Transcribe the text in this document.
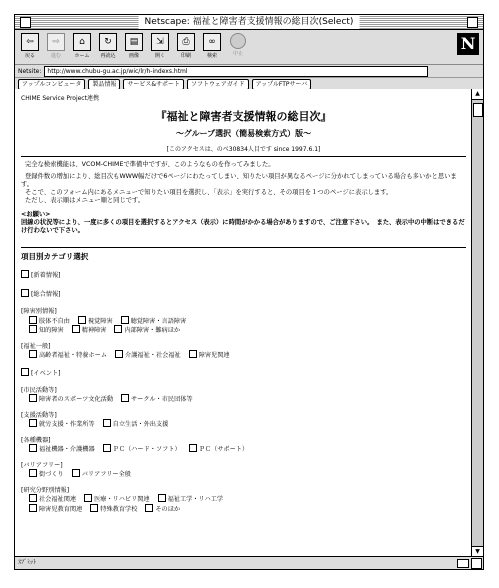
Netscape: 福祉と障害者支援情報の総目次(Select)
⇦
戻る
⇨
進む
⌂
ホーム
↻
再読込
▤
画像
⇲
開く
⎙
印刷
∞
検索	中止
N
Netsite:	http://www.chubu-gu.ac.jp/wic/lr/h-indexs.html
アップルコンピュータ	製品情報	サービス&サポート	ソフトウェアガイド	アップルFTPサーバ
CHIME Service Project連携
『福祉と障害者支援情報の総目次』
〜グループ選択（簡易検索方式）版〜
[このアクセスは、のべ30834人目です since 1997.6.1]

完全な検索機能は、VCOM-CHIMEで準備中ですが、このようなものを作ってみました。

登録件数の増加により、総目次もWWW幅だけで6ページにわたってしまい、知りたい項目が異なるページに分かれてしまっている場合も多いかと思います。

そこで、このフォーム内にあるメニューで知りたい項目を選択し、「表示」を実行すると、その項目を１つのページに表示します。

ただし、表示順はメニュー順と同じです。

<お願い>
回線の状況等により、一度に多くの項目を選択するとアクセス（表示）に時間がかかる場合がありますので、ご注意下さい。　また、表示中の中断はできるだけ行わないで下さい。
項目別カテゴリ選択
[新着情報]
[総合情報]
[障害別情報]
肢体不自由	視覚障害	聴覚障害・言語障害
知的障害	精神障害	内部障害・難病ほか
[福祉一般]
高齢者福祉・特養ホーム	介護福祉・社会福祉	障害児関連
[イベント]
[市民活動等]
障害者のスポーツ文化活動	サークル・市民団体等
[支援活動等]
就労支援・作業所等	自立生活・外出支援
[各種機器]
福祉機器・介護機器	ＰＣ（ハード・ソフト）	ＰＣ（サポート）
[バリアフリー]
街づくり	バリアフリー全般
[研究分野別情報]
社会福祉関連	医療・リハビリ関連	福祉工学・リハ工学
障害児教育関連	特殊教育学校	そのほか
▲
▼
ｽﾌﾞﾐｯﾄ
